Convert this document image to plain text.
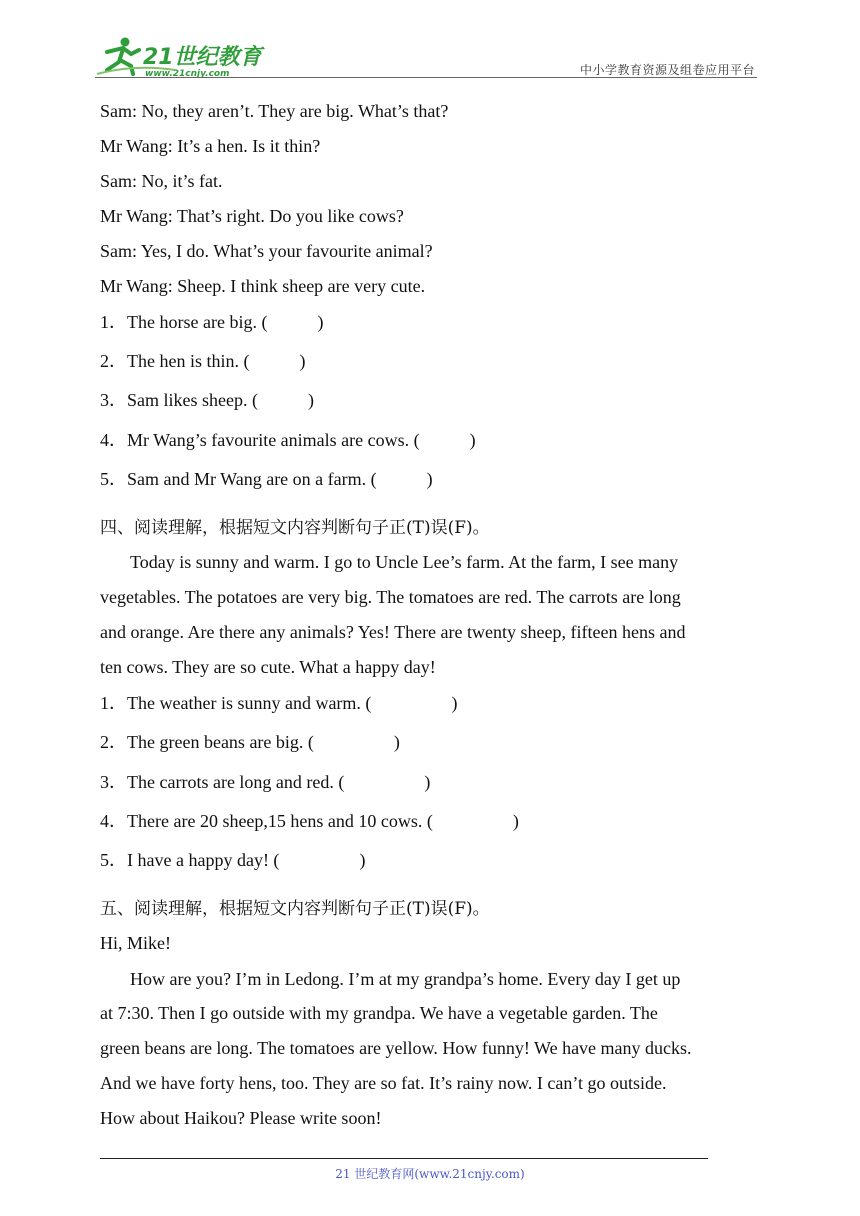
21世纪教育
www.21cnjy.com	中小学教育资源及组卷应用平台
Sam: No, they aren’t. They are big. What’s that?
Mr Wang: It’s a hen. Is it thin?
Sam: No, it’s fat.
Mr Wang: That’s right. Do you like cows?
Sam: Yes, I do. What’s your favourite animal?
Mr Wang: Sheep. I think sheep are very cute.
1．The horse are big. (	)
2．The hen is thin. (	)
3．Sam likes sheep. (	)
4．Mr Wang’s favourite animals are cows. (	)
5．Sam and Mr Wang are on a farm. (	)
四、阅读理解，根据短文内容判断句子正(T)误(F)。
Today is sunny and warm. I go to Uncle Lee’s farm. At the farm, I see many
vegetables. The potatoes are very big. The tomatoes are red. The carrots are long
and orange. Are there any animals? Yes! There are twenty sheep, fifteen hens and
ten cows. They are so cute. What a happy day!
1．The weather is sunny and warm. (	)
2．The green beans are big. (	)
3．The carrots are long and red. (	)
4．There are 20 sheep,15 hens and 10 cows. (	)
5．I have a happy day! (	)
五、阅读理解，根据短文内容判断句子正(T)误(F)。
Hi, Mike!
How are you? I’m in Ledong. I’m at my grandpa’s home. Every day I get up
at 7:30. Then I go outside with my grandpa. We have a vegetable garden. The
green beans are long. The tomatoes are yellow. How funny! We have many ducks.
And we have forty hens, too. They are so fat. It’s rainy now. I can’t go outside.
How about Haikou? Please write soon!
21 世纪教育网(www.21cnjy.com)
